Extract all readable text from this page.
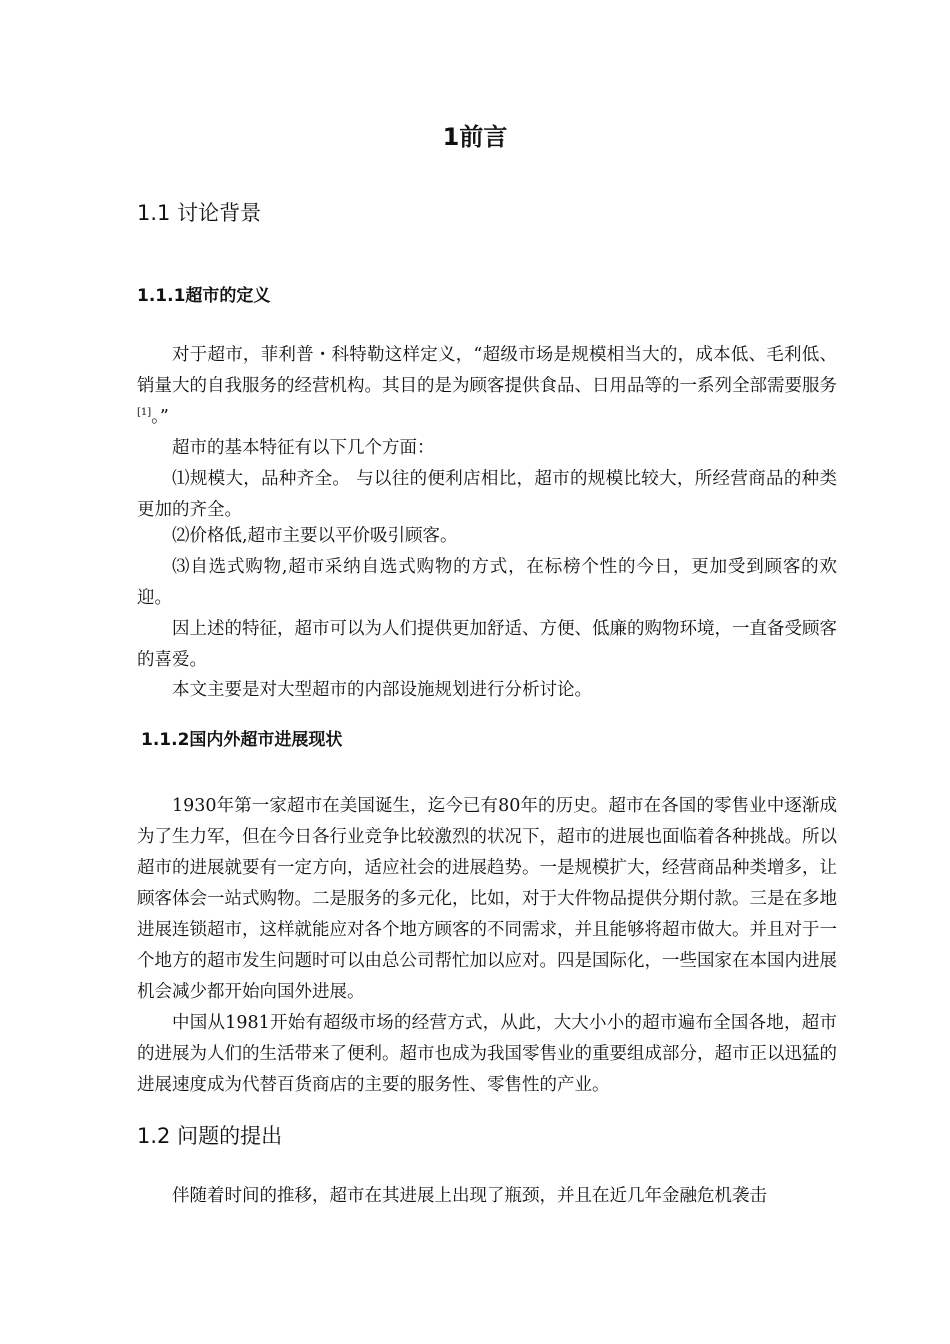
1前言
1.1 讨论背景
1.1.1超市的定义

对于超市，菲利普・科特勒这样定义，“超级市场是规模相当大的，成本低、毛利低、销量大的自我服务的经营机构。其目的是为顾客提供食品、日用品等的一系列全部需要服务[1]。”

超市的基本特征有以下几个方面：

⑴规模大，品种齐全。 与以往的便利店相比，超市的规模比较大，所经营商品的种类更加的齐全。

⑵价格低,超市主要以平价吸引顾客。

⑶自选式购物,超市采纳自选式购物的方式，在标榜个性的今日，更加受到顾客的欢迎。

因上述的特征，超市可以为人们提供更加舒适、方便、低廉的购物环境，一直备受顾客的喜爱。

本文主要是对大型超市的内部设施规划进行分析讨论。

1.1.2国内外超市进展现状

1930年第一家超市在美国诞生，迄今已有80年的历史。超市在各国的零售业中逐渐成为了生力军，但在今日各行业竞争比较激烈的状况下，超市的进展也面临着各种挑战。所以超市的进展就要有一定方向，适应社会的进展趋势。一是规模扩大，经营商品种类增多，让顾客体会一站式购物。二是服务的多元化，比如，对于大件物品提供分期付款。三是在多地进展连锁超市，这样就能应对各个地方顾客的不同需求，并且能够将超市做大。并且对于一个地方的超市发生问题时可以由总公司帮忙加以应对。四是国际化，一些国家在本国内进展机会减少都开始向国外进展。

中国从1981开始有超级市场的经营方式，从此，大大小小的超市遍布全国各地，超市的进展为人们的生活带来了便利。超市也成为我国零售业的重要组成部分，超市正以迅猛的进展速度成为代替百货商店的主要的服务性、零售性的产业。

1.2 问题的提出

伴随着时间的推移，超市在其进展上出现了瓶颈，并且在近几年金融危机袭击
